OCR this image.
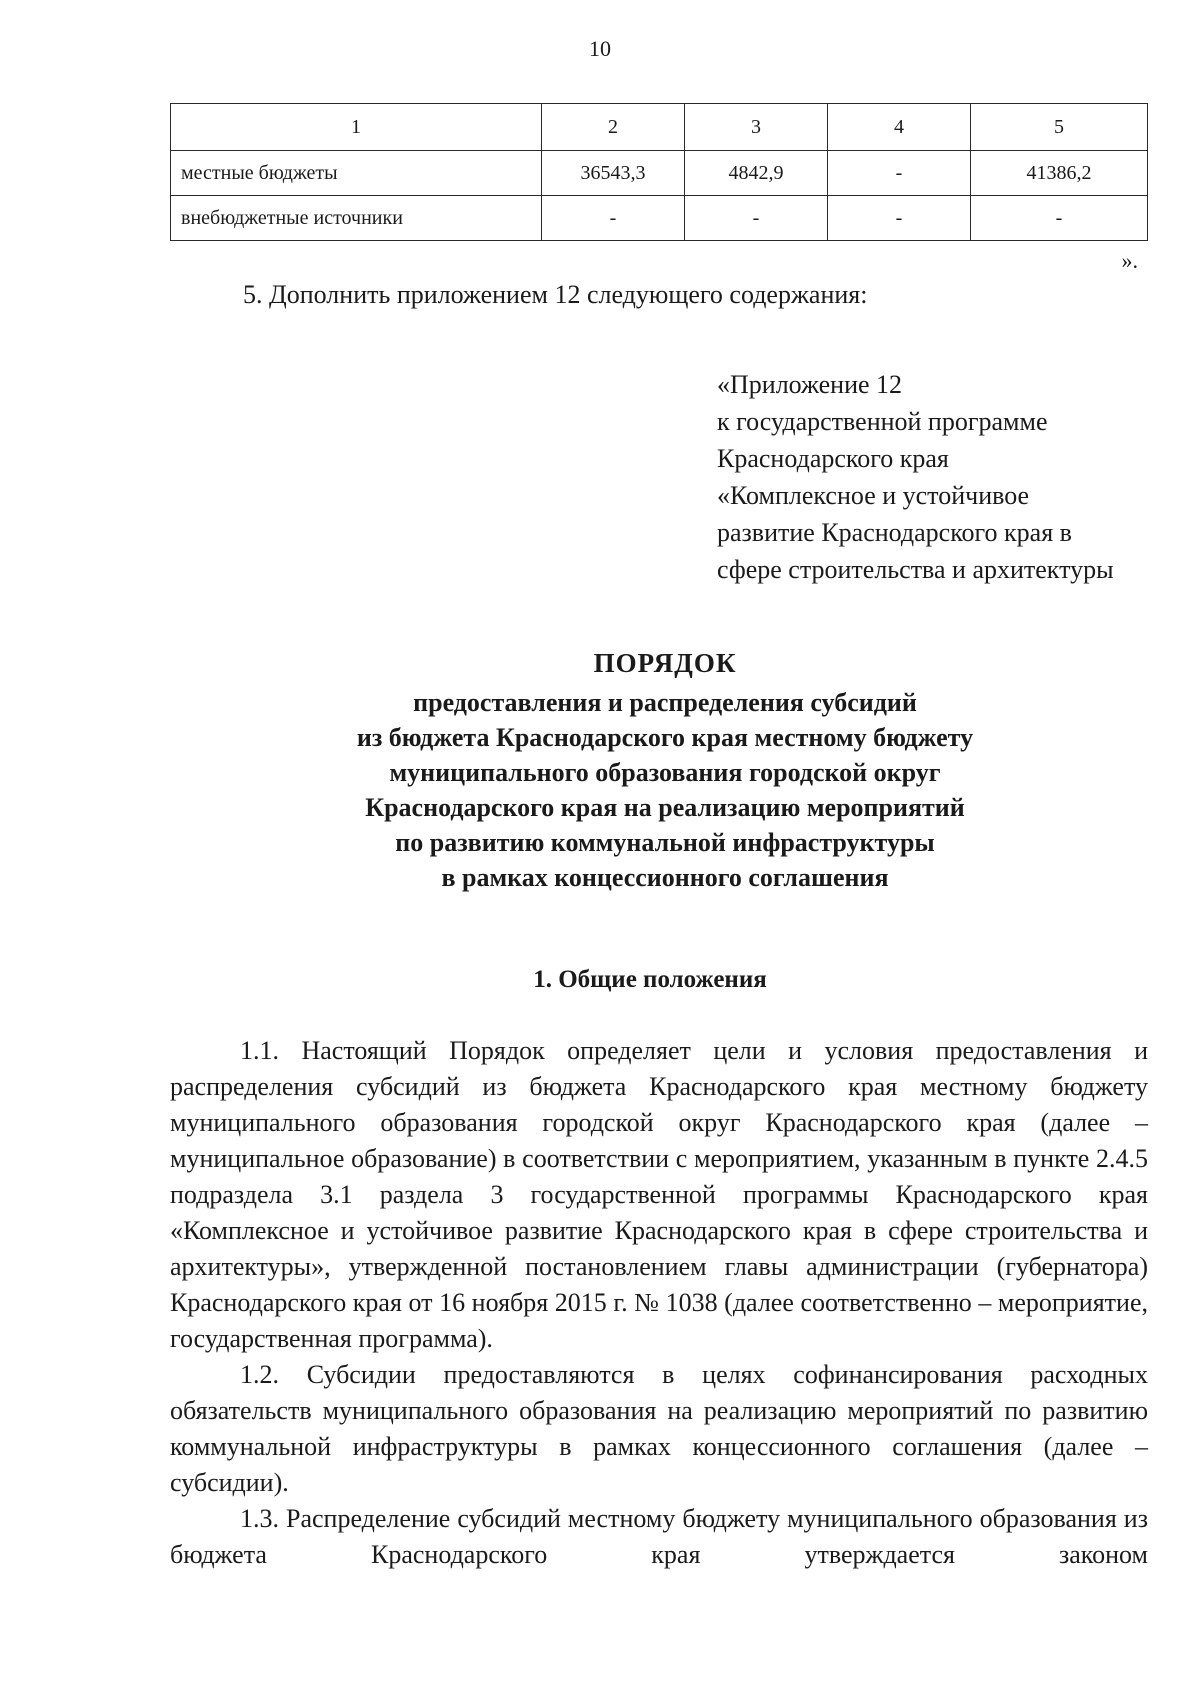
10
1	2	3	4	5
местные бюджеты	36543,3	4842,9	-	41386,2
внебюджетные источники	-	-	-	-
».
5. Дополнить приложением 12 следующего содержания:
«Приложение 12
к государственной программе
Краснодарского края
«Комплексное и устойчивое
развитие Краснодарского края в
сфере строительства и архитектуры
ПОРЯДОК
предоставления и распределения субсидий
из бюджета Краснодарского края местному бюджету
муниципального образования городской округ
Краснодарского края на реализацию мероприятий
по развитию коммунальной инфраструктуры
в рамках концессионного соглашения
1. Общие положения

1.1. Настоящий Порядок определяет цели и условия предоставления и распределения субсидий из бюджета Краснодарского края местному бюджету муниципального образования городской округ Краснодарского края (далее – муниципальное образование) в соответствии с мероприятием, указанным в пункте 2.4.5 подраздела 3.1 раздела 3 государственной программы Краснодарского края «Комплексное и устойчивое развитие Краснодарского края в сфере строительства и архитектуры», утвержденной постановлением главы администрации (губернатора) Краснодарского края от 16 ноября 2015 г. № 1038 (далее соответственно – мероприятие, государственная программа).

1.2. Субсидии предоставляются в целях софинансирования расходных обязательств муниципального образования на реализацию мероприятий по развитию коммунальной инфраструктуры в рамках концессионного соглашения (далее – субсидии).

1.3. Распределение субсидий местному бюджету муниципального образования из бюджета Краснодарского края утверждается законом
